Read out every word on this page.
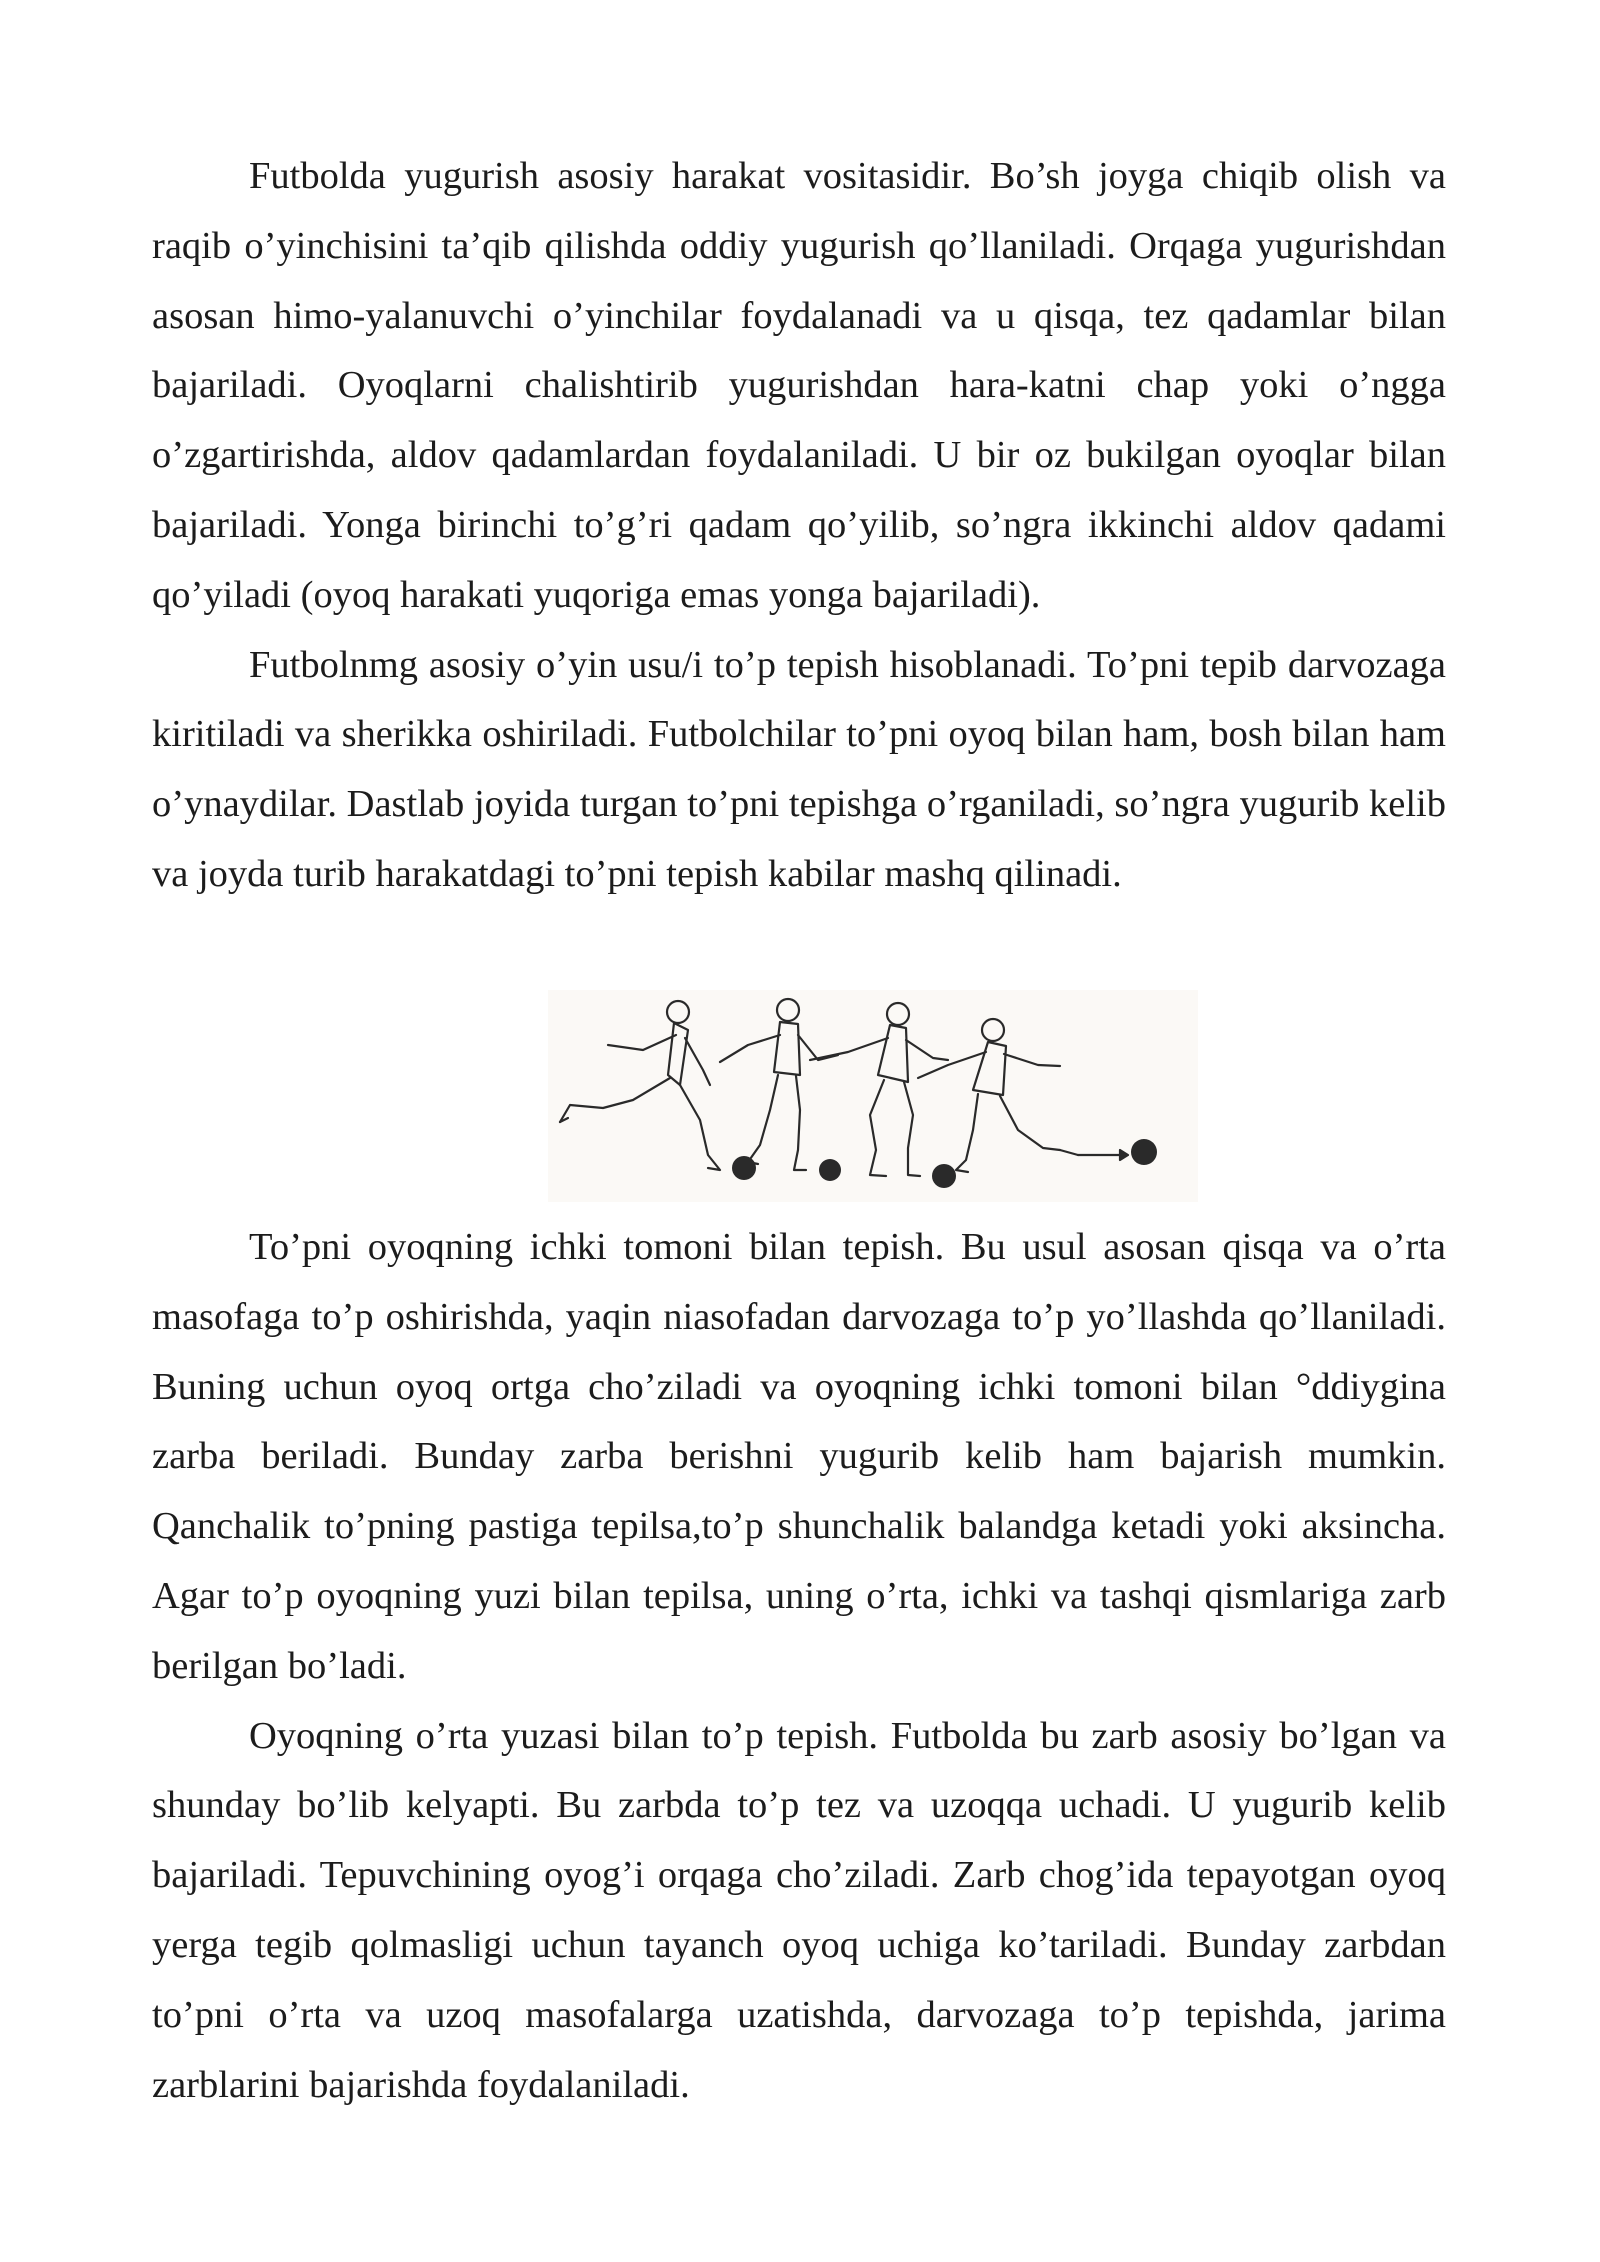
Futbolda yugurish asosiy harakat vositasidir. Bo’sh joyga chiqib olish va raqib o’yinchisini ta’qib qilishda oddiy yugurish qo’llaniladi. Orqaga yugurishdan asosan himo-yalanuvchi o’yinchilar foydalanadi va u qisqa, tez qadamlar bilan bajariladi. Oyoqlarni chalishtirib yugurishdan hara-katni chap yoki o’ngga o’zgartirishda, aldov qadamlardan foydalaniladi. U bir oz bukilgan oyoqlar bilan bajariladi. Yonga birinchi to’g’ri qadam qo’yilib, so’ngra ikkinchi aldov qadami qo’yiladi (oyoq harakati yuqoriga emas yonga bajariladi).

Futbolnmg asosiy o’yin usu/i to’p tepish hisoblanadi. To’pni tepib darvozaga kiritiladi va sherikka oshiriladi. Futbolchilar to’pni oyoq bilan ham, bosh bilan ham o’ynaydilar. Dastlab joyida turgan to’pni tepishga o’rganiladi, so’ngra yugurib kelib va joyda turib harakatdagi to’pni tepish kabilar mashq qilinadi.

To’pni oyoqning ichki tomoni bilan tepish. Bu usul asosan qisqa va o’rta masofaga to’p oshirishda, yaqin niasofadan darvozaga to’p yo’llashda qo’llaniladi. Buning uchun oyoq ortga cho’ziladi va oyoqning ichki tomoni bilan °ddiygina zarba beriladi. Bunday zarba berishni yugurib kelib ham bajarish mumkin. Qanchalik to’pning pastiga tepilsa,to’p shunchalik balandga ketadi yoki aksincha. Agar to’p oyoqning yuzi bilan tepilsa, uning o’rta, ichki va tashqi qismlariga zarb berilgan bo’ladi.

Oyoqning o’rta yuzasi bilan to’p tepish. Futbolda bu zarb asosiy bo’lgan va shunday bo’lib kelyapti. Bu zarbda to’p tez va uzoqqa uchadi. U yugurib kelib bajariladi. Tepuvchining oyog’i orqaga cho’ziladi. Zarb chog’ida tepayotgan oyoq yerga tegib qolmasligi uchun tayanch oyoq uchiga ko’tariladi. Bunday zarbdan to’pni o’rta va uzoq masofalarga uzatishda, darvozaga to’p tepishda, jarima zarblarini bajarishda foydalaniladi.
